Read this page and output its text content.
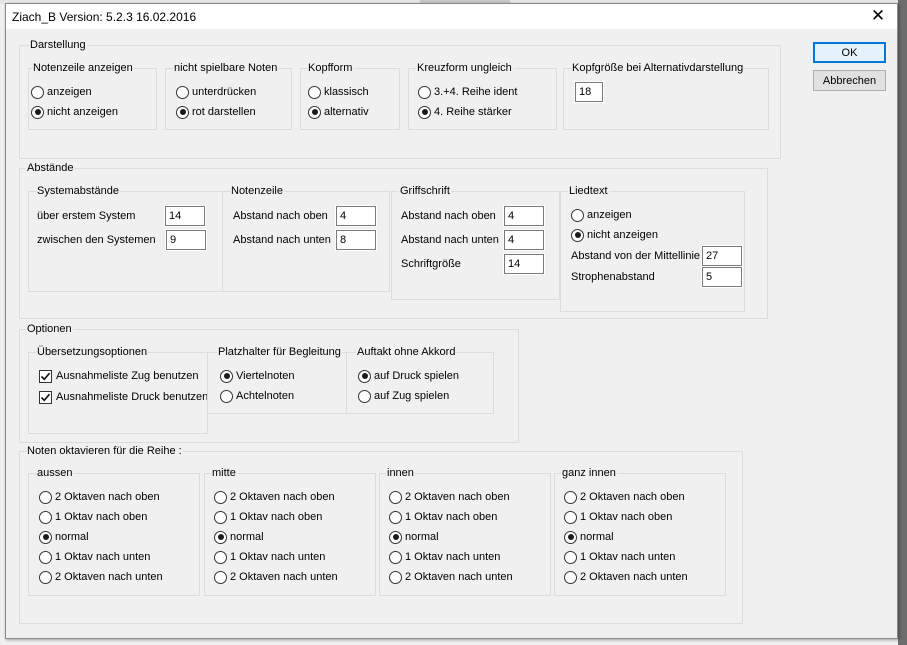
Ziach_B Version: 5.2.3 16.02.2016	✕
OK
Abbrechen
Darstellung
Notenzeile anzeigen
anzeigen
nicht anzeigen
nicht spielbare Noten
unterdrücken
rot darstellen
Kopfform
klassisch
alternativ
Kreuzform ungleich
3.+4. Reihe ident
4. Reihe stärker
Kopfgröße bei Alternativdarstellung
18
Abstände
Systemabstände
über erstem System
14
zwischen den Systemen
9
Notenzeile
Abstand nach oben
4
Abstand nach unten
8
Griffschrift
Abstand nach oben
4
Abstand nach unten
4
Schriftgröße
14
Liedtext
anzeigen
nicht anzeigen
Abstand von der Mittellinie
27
Strophenabstand
5
Optionen
Übersetzungsoptionen
Ausnahmeliste Zug benutzen
Ausnahmeliste Druck benutzen
Platzhalter für Begleitung
Viertelnoten
Achtelnoten
Auftakt ohne Akkord
auf Druck spielen
auf Zug spielen
Noten oktavieren für die Reihe :
aussen
2 Oktaven nach oben
1 Oktav nach oben
normal
1 Oktav nach unten
2 Oktaven nach unten
mitte
2 Oktaven nach oben
1 Oktav nach oben
normal
1 Oktav nach unten
2 Oktaven nach unten
innen
2 Oktaven nach oben
1 Oktav nach oben
normal
1 Oktav nach unten
2 Oktaven nach unten
ganz innen
2 Oktaven nach oben
1 Oktav nach oben
normal
1 Oktav nach unten
2 Oktaven nach unten
